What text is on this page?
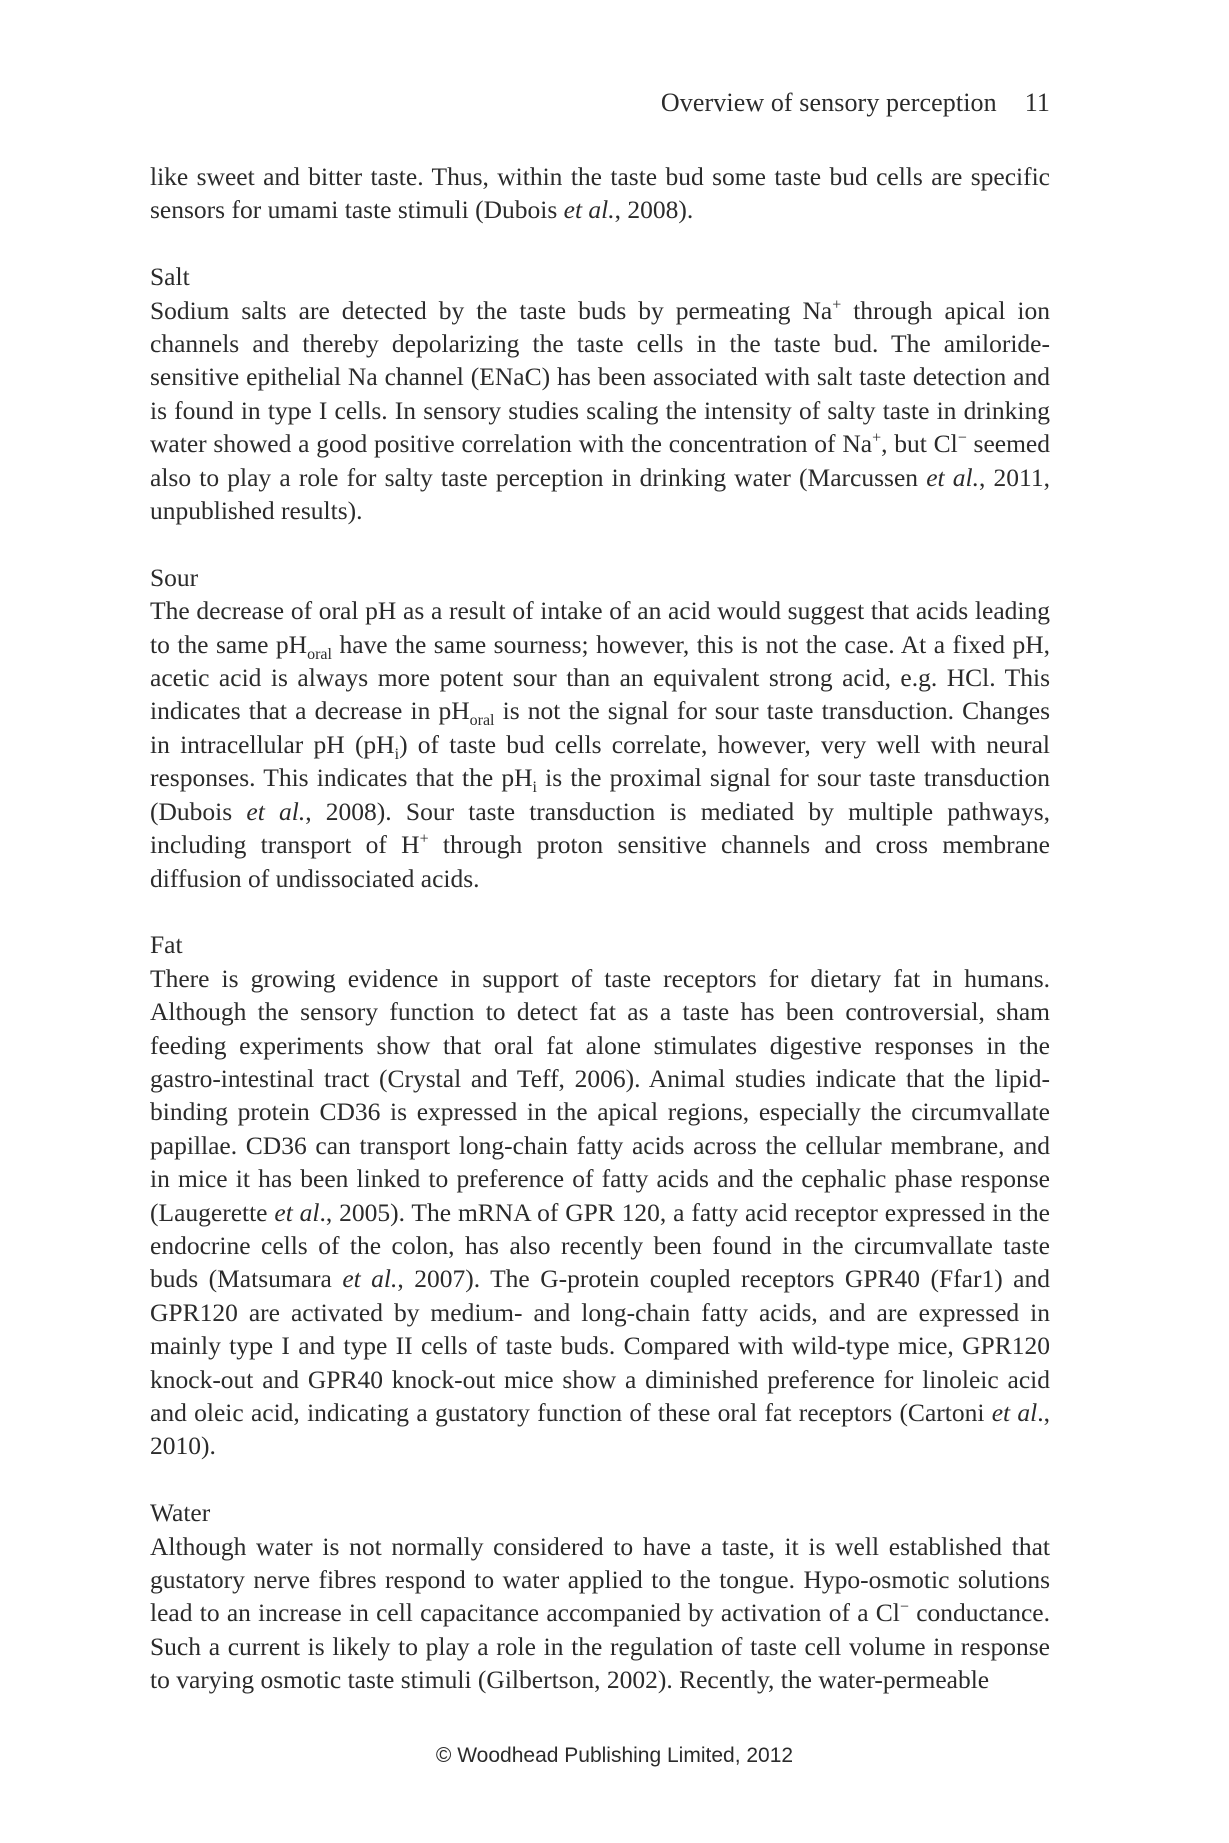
Overview of sensory perception 11

like sweet and bitter taste. Thus, within the taste bud some taste bud cells are specific sensors for umami taste stimuli (Dubois et al., 2008).

Salt

Sodium salts are detected by the taste buds by permeating Na+ through apical ion channels and thereby depolarizing the taste cells in the taste bud. The amiloride-sensitive epithelial Na channel (ENaC) has been associated with salt taste detection and is found in type I cells. In sensory studies scaling the intensity of salty taste in drinking water showed a good positive correlation with the concentration of Na+, but Cl− seemed also to play a role for salty taste perception in drinking water (Marcussen et al., 2011, unpublished results).

Sour

The decrease of oral pH as a result of intake of an acid would suggest that acids leading to the same $pH_{oral}$ have the same sourness; however, this is not the case. At a fixed pH, acetic acid is always more potent sour than an equivalent strong acid, e.g. HCl. This indicates that a decrease in $pH_{oral}$ is not the signal for sour taste transduction. Changes in intracellular pH $(pH_i)$ of taste bud cells correlate, however, very well with neural responses. This indicates that the $pH_i$ is the proximal signal for sour taste transduction (Dubois et al., 2008). Sour taste transduction is mediated by multiple pathways, including transport of H+ through proton sensitive channels and cross membrane diffusion of undissociated acids.

Fat

There is growing evidence in support of taste receptors for dietary fat in humans. Although the sensory function to detect fat as a taste has been controversial, sham feeding experiments show that oral fat alone stimulates digestive responses in the gastro-intestinal tract (Crystal and Teff, 2006). Animal studies indicate that the lipid-binding protein CD36 is expressed in the apical regions, especially the circumvallate papillae. CD36 can transport long-chain fatty acids across the cellular membrane, and in mice it has been linked to preference of fatty acids and the cephalic phase response (Laugerette et al., 2005). The mRNA of GPR 120, a fatty acid receptor expressed in the endocrine cells of the colon, has also recently been found in the circumvallate taste buds (Matsumara et al., 2007). The G-protein coupled receptors GPR40 (Ffar1) and GPR120 are activated by medium- and long-chain fatty acids, and are expressed in mainly type I and type II cells of taste buds. Compared with wild-type mice, GPR120 knock-out and GPR40 knock-out mice show a diminished preference for linoleic acid and oleic acid, indicating a gustatory function of these oral fat receptors (Cartoni et al., 2010).

Water

Although water is not normally considered to have a taste, it is well established that gustatory nerve fibres respond to water applied to the tongue. Hypo-osmotic solutions lead to an increase in cell capacitance accompanied by activation of a Cl− conductance. Such a current is likely to play a role in the regulation of taste cell volume in response to varying osmotic taste stimuli (Gilbertson, 2002). Recently, the water-permeable

© Woodhead Publishing Limited, 2012
